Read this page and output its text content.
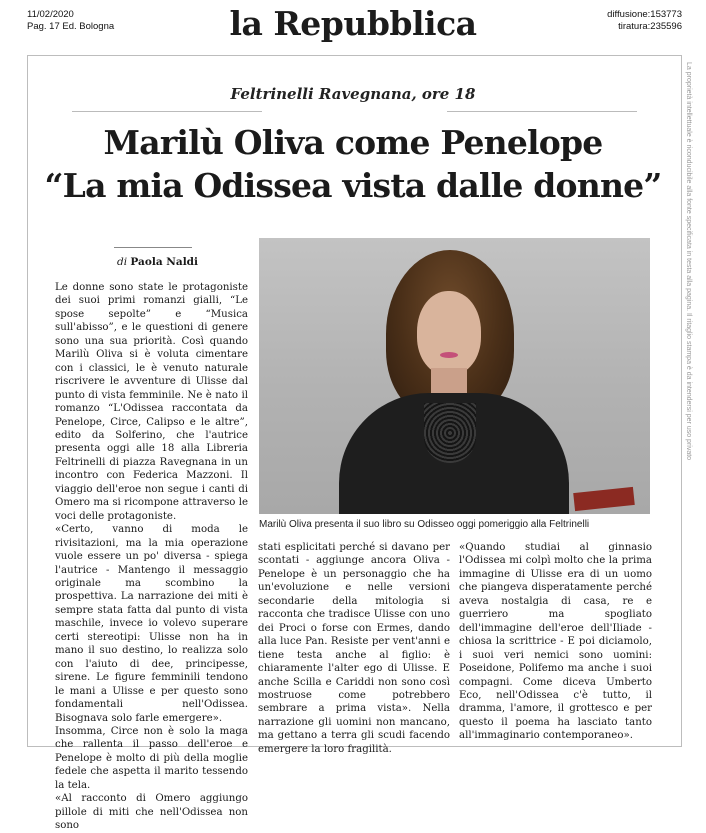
11/02/2020
Pag. 17 Ed. Bologna	la Repubblica	diffusione:153773
tiratura:235596
La proprietà intellettuale è riconducibile alla fonte specificata in testa alla pagina. Il ritaglio stampa è da intendersi per uso privato
Feltrinelli Ravegnana, ore 18
Marilù Oliva come Penelope
“La mia Odissea vista dalle donne”
di Paola Naldi

Le donne sono state le protagoniste dei suoi primi romanzi gialli, “Le spose sepolte” e “Musica sull'abisso”, e le questioni di genere sono una sua priorità. Così quando Marilù Oliva si è voluta cimentare con i classici, le è venuto naturale riscrivere le avventure di Ulisse dal punto di vista femminile. Ne è nato il romanzo “L'Odissea raccontata da Penelope, Circe, Calipso e le altre”, edito da Solferino, che l'autrice presenta oggi alle 18 alla Libreria Feltrinelli di piazza Ravegnana in un incontro con Federica Mazzoni. Il viaggio dell'eroe non segue i canti di Omero ma si ricompone attraverso le voci delle protagoniste.

«Certo, vanno di moda le rivisitazioni, ma la mia operazione vuole essere un po' diversa - spiega l'autrice - Mantengo il messaggio originale ma scombino la prospettiva. La narrazione dei miti è sempre stata fatta dal punto di vista maschile, invece io volevo superare certi stereotipi: Ulisse non ha in mano il suo destino, lo realizza solo con l'aiuto di dee, principesse, sirene. Le figure femminili tendono le mani a Ulisse e per questo sono fondamentali nell'Odissea. Bisognava solo farle emergere».

Insomma, Circe non è solo la maga che rallenta il passo dell'eroe e Penelope è molto di più della moglie fedele che aspetta il marito tessendo la tela.

«Al racconto di Omero aggiungo pillole di miti che nell'Odissea non sono

Marilù Oliva presenta il suo libro su Odisseo oggi pomeriggio alla Feltrinelli

stati esplicitati perché si davano per scontati - aggiunge ancora Oliva - Penelope è un personaggio che ha un'evoluzione e nelle versioni secondarie della mitologia si racconta che tradisce Ulisse con uno dei Proci o forse con Ermes, dando alla luce Pan. Resiste per vent'anni e tiene testa anche al figlio: è chiaramente l'alter ego di Ulisse. E anche Scilla e Cariddi non sono così mostruose come potrebbero sembrare a prima vista». Nella narrazione gli uomini non mancano, ma gettano a terra gli scudi facendo emergere la loro fragilità.

«Quando studiai al ginnasio l'Odissea mi colpì molto che la prima immagine di Ulisse era di un uomo che piangeva disperatamente perché aveva nostalgia di casa, re e guerriero ma spogliato dell'immagine dell'eroe dell'Iliade - chiosa la scrittrice - E poi diciamolo, i suoi veri nemici sono uomini: Poseidone, Polifemo ma anche i suoi compagni. Come diceva Umberto Eco, nell'Odissea c'è tutto, il dramma, l'amore, il grottesco e per questo il poema ha lasciato tanto all'immaginario contemporaneo».
